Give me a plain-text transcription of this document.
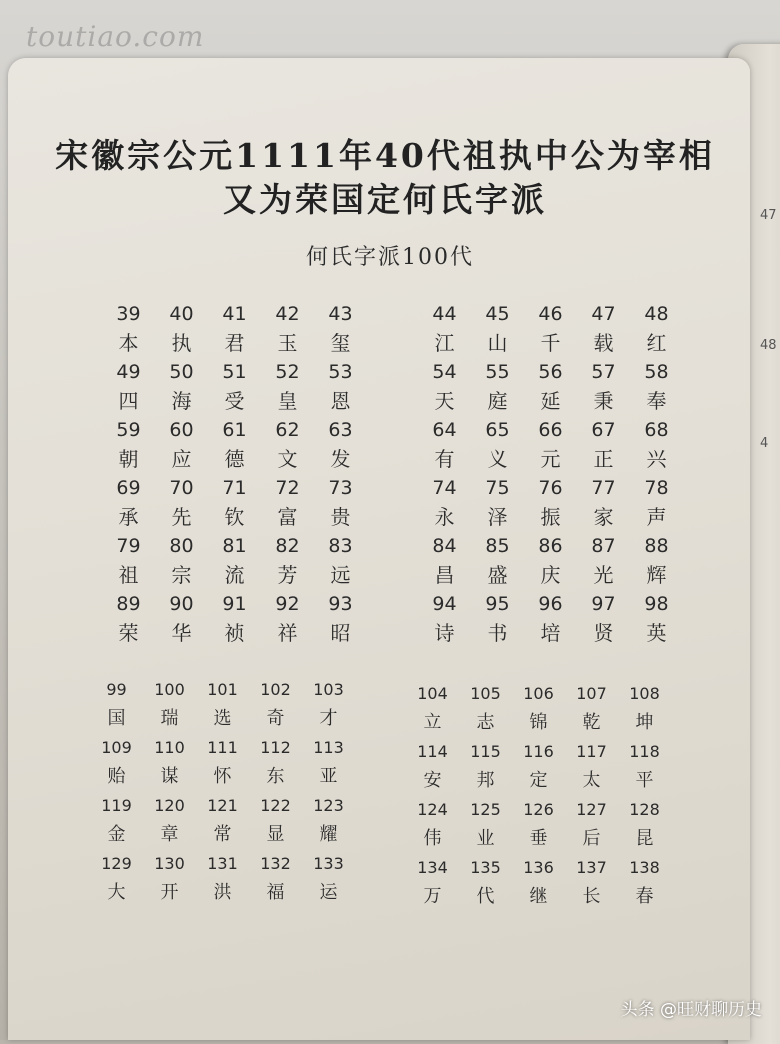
47
48
4
toutiao.com
宋徽宗公元1111年40代祖执中公为宰相
又为荣国定何氏字派
何氏字派100代
39	40	41	42	43
本	执	君	玉	玺
49	50	51	52	53
四	海	受	皇	恩
59	60	61	62	63
朝	应	德	文	发
69	70	71	72	73
承	先	钦	富	贵
79	80	81	82	83
祖	宗	流	芳	远
89	90	91	92	93
荣	华	祯	祥	昭
44	45	46	47	48
江	山	千	载	红
54	55	56	57	58
天	庭	延	秉	奉
64	65	66	67	68
有	义	元	正	兴
74	75	76	77	78
永	泽	振	家	声
84	85	86	87	88
昌	盛	庆	光	辉
94	95	96	97	98
诗	书	培	贤	英
99	100	101	102	103
国	瑞	选	奇	才
109	110	111	112	113
贻	谋	怀	东	亚
119	120	121	122	123
金	章	常	显	耀
129	130	131	132	133
大	开	洪	福	运
104	105	106	107	108
立	志	锦	乾	坤
114	115	116	117	118
安	邦	定	太	平
124	125	126	127	128
伟	业	垂	后	昆
134	135	136	137	138
万	代	继	长	春
头条 @旺财聊历史
